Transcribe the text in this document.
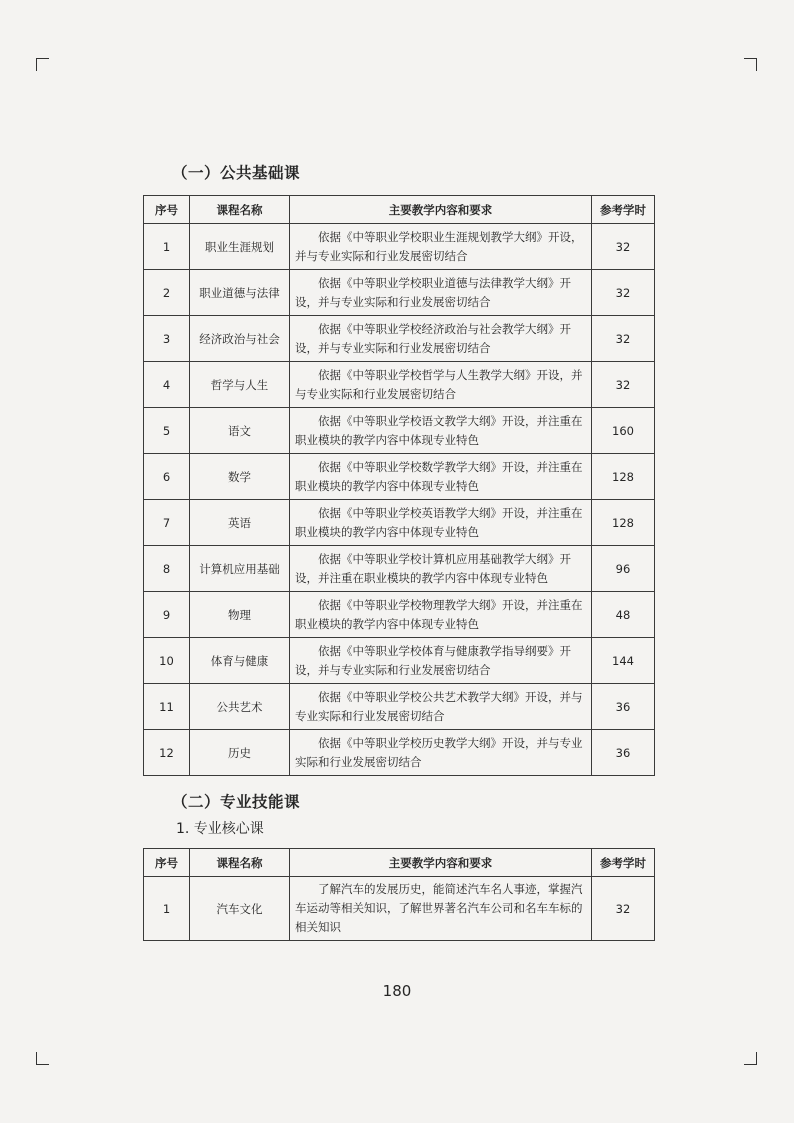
（一）公共基础课
序号	课程名称	主要教学内容和要求	参考学时
1	职业生涯规划	依据《中等职业学校职业生涯规划教学大纲》开设，并与专业实际和行业发展密切结合	32
2	职业道德与法律	依据《中等职业学校职业道德与法律教学大纲》开设，并与专业实际和行业发展密切结合	32
3	经济政治与社会	依据《中等职业学校经济政治与社会教学大纲》开设，并与专业实际和行业发展密切结合	32
4	哲学与人生	依据《中等职业学校哲学与人生教学大纲》开设，并与专业实际和行业发展密切结合	32
5	语文	依据《中等职业学校语文教学大纲》开设，并注重在职业模块的教学内容中体现专业特色	160
6	数学	依据《中等职业学校数学教学大纲》开设，并注重在职业模块的教学内容中体现专业特色	128
7	英语	依据《中等职业学校英语教学大纲》开设，并注重在职业模块的教学内容中体现专业特色	128
8	计算机应用基础	依据《中等职业学校计算机应用基础教学大纲》开设，并注重在职业模块的教学内容中体现专业特色	96
9	物理	依据《中等职业学校物理教学大纲》开设，并注重在职业模块的教学内容中体现专业特色	48
10	体育与健康	依据《中等职业学校体育与健康教学指导纲要》开设，并与专业实际和行业发展密切结合	144
11	公共艺术	依据《中等职业学校公共艺术教学大纲》开设，并与专业实际和行业发展密切结合	36
12	历史	依据《中等职业学校历史教学大纲》开设，并与专业实际和行业发展密切结合	36
（二）专业技能课
1. 专业核心课
序号	课程名称	主要教学内容和要求	参考学时
1	汽车文化	了解汽车的发展历史，能简述汽车名人事迹，掌握汽车运动等相关知识，了解世界著名汽车公司和名车车标的相关知识	32
180
